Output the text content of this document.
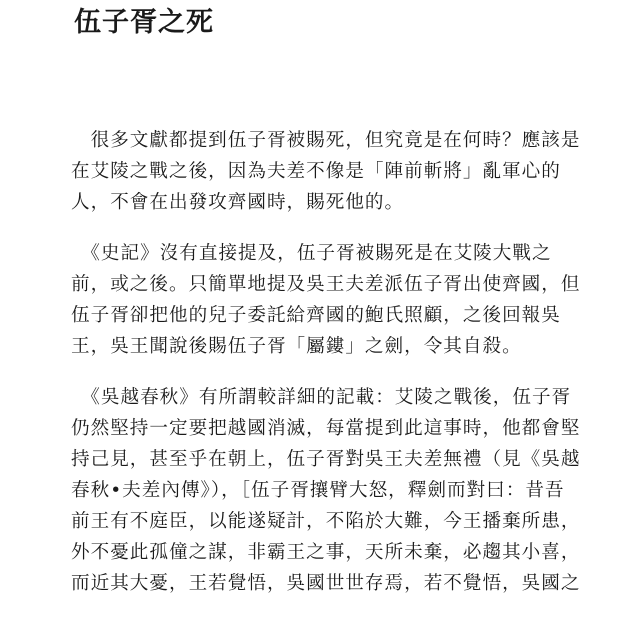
伍子胥之死

　很多文獻都提到伍子胥被賜死，但究竟是在何時？應該是
在艾陵之戰之後，因為夫差不像是「陣前斬將」亂軍心的
人，不會在出發攻齊國時，賜死他的。

　《史記》沒有直接提及，伍子胥被賜死是在艾陵大戰之
前，或之後。只簡單地提及吳王夫差派伍子胥出使齊國，但
伍子胥卻把他的兒子委託給齊國的鮑氏照顧，之後回報吳
王，吳王聞說後賜伍子胥「屬鏤」之劍，令其自殺。

　《吳越春秋》有所謂較詳細的記載：艾陵之戰後，伍子胥
仍然堅持一定要把越國消滅，每當提到此這事時，他都會堅
持己見，甚至乎在朝上，伍子胥對吳王夫差無禮（見《吳越
春秋•夫差內傳》），［伍子胥攘臂大怒，釋劍而對曰：昔吾
前王有不庭臣，以能遂疑計，不陷於大難，今王播棄所患，
外不憂此孤僮之謀，非霸王之事，天所未棄，必趨其小喜，
而近其大憂，王若覺悟，吳國世世存焉，若不覺悟，吳國之
